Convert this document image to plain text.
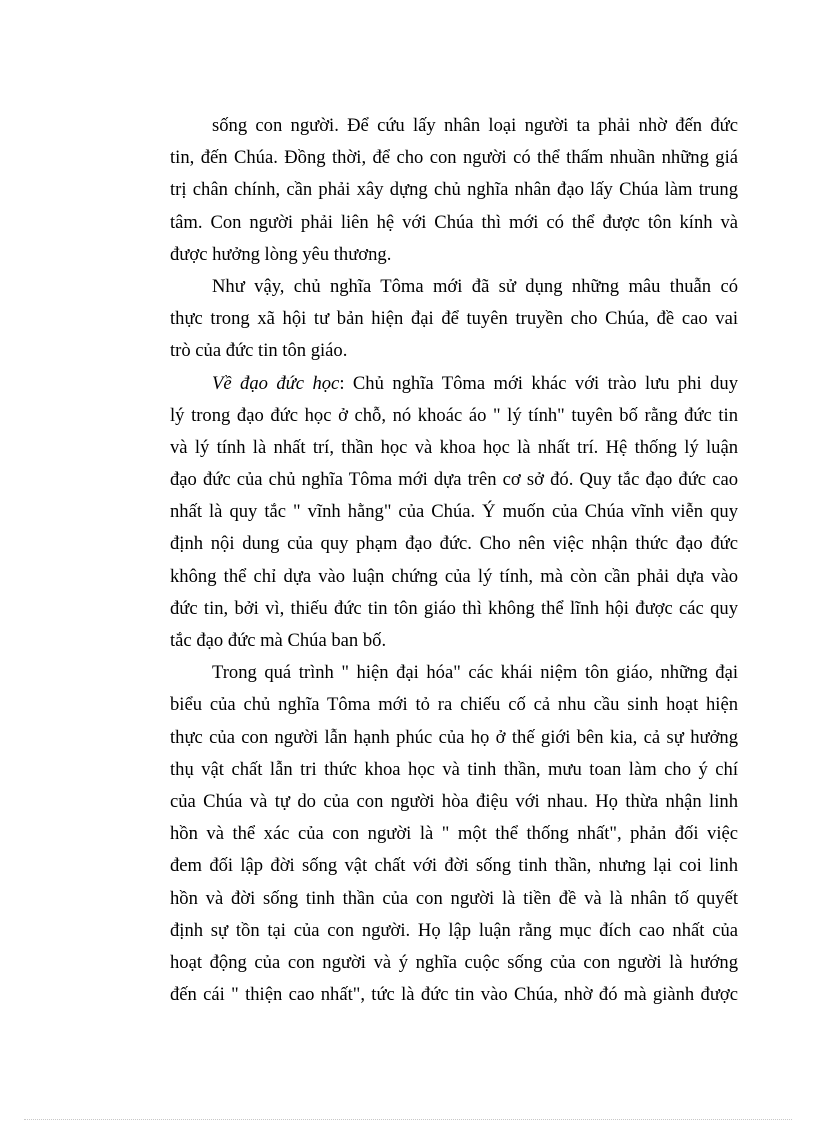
sống con người. Để cứu lấy nhân loại người ta phải nhờ đến đức
tin, đến Chúa. Đồng thời, để cho con người có thể thấm nhuần những giá
trị chân chính, cần phải xây dựng chủ nghĩa nhân đạo lấy Chúa làm trung
tâm. Con người phải liên hệ với Chúa thì mới có thể được tôn kính và
được hưởng lòng yêu thương.
Như vậy, chủ nghĩa Tôma mới đã sử dụng những mâu thuẫn có
thực trong xã hội tư bản hiện đại để tuyên truyền cho Chúa, đề cao vai
trò của đức tin tôn giáo.
Về đạo đức học: Chủ nghĩa Tôma mới khác với trào lưu phi duy
lý trong đạo đức học ở chỗ, nó khoác áo " lý tính" tuyên bố rằng đức tin
và lý tính là nhất trí, thần học và khoa học là nhất trí. Hệ thống lý luận
đạo đức của chủ nghĩa Tôma mới dựa trên cơ sở đó. Quy tắc đạo đức cao
nhất là quy tắc " vĩnh hằng" của Chúa. Ý muốn của Chúa vĩnh viễn quy
định nội dung của quy phạm đạo đức. Cho nên việc nhận thức đạo đức
không thể chỉ dựa vào luận chứng của lý tính, mà còn cần phải dựa vào
đức tin, bởi vì, thiếu đức tin tôn giáo thì không thể lĩnh hội được các quy
tắc đạo đức mà Chúa ban bố.
Trong quá trình " hiện đại hóa" các khái niệm tôn giáo, những đại
biểu của chủ nghĩa Tôma mới tỏ ra chiếu cố cả nhu cầu sinh hoạt hiện
thực của con người lẫn hạnh phúc của họ ở thế giới bên kia, cả sự hưởng
thụ vật chất lẫn tri thức khoa học và tinh thần, mưu toan làm cho ý chí
của Chúa và tự do của con người hòa điệu với nhau. Họ thừa nhận linh
hồn và thể xác của con người là " một thể thống nhất", phản đối việc
đem đối lập đời sống vật chất với đời sống tinh thần, nhưng lại coi linh
hồn và đời sống tinh thần của con người là tiền đề và là nhân tố quyết
định sự tồn tại của con người. Họ lập luận rằng mục đích cao nhất của
hoạt động của con người và ý nghĩa cuộc sống của con người là hướng
đến cái " thiện cao nhất", tức là đức tin vào Chúa, nhờ đó mà giành được
